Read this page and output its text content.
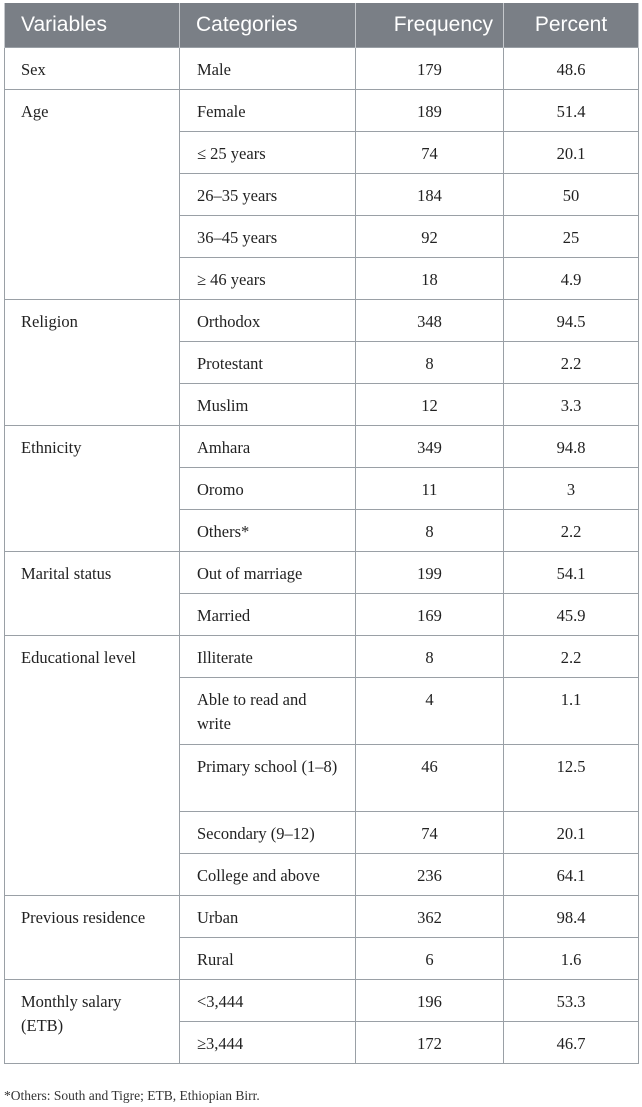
Variables	Categories	Frequency	Percent
Sex	Male	179	48.6
Age	Female	189	51.4
	≤ 25 years	74	20.1
	26–35 years	184	50
	36–45 years	92	25
	≥ 46 years	18	4.9
Religion	Orthodox	348	94.5
	Protestant	8	2.2
	Muslim	12	3.3
Ethnicity	Amhara	349	94.8
	Oromo	11	3
	Others*	8	2.2
Marital status	Out of marriage	199	54.1
	Married	169	45.9
Educational level	Illiterate	8	2.2
	Able to read and write	4	1.1
	Primary school (1–8)	46	12.5
	Secondary (9–12)	74	20.1
	College and above	236	64.1
Previous residence	Urban	362	98.4
	Rural	6	1.6
Monthly salary (ETB)	<3,444	196	53.3
	≥3,444	172	46.7
*Others: South and Tigre; ETB, Ethiopian Birr.
